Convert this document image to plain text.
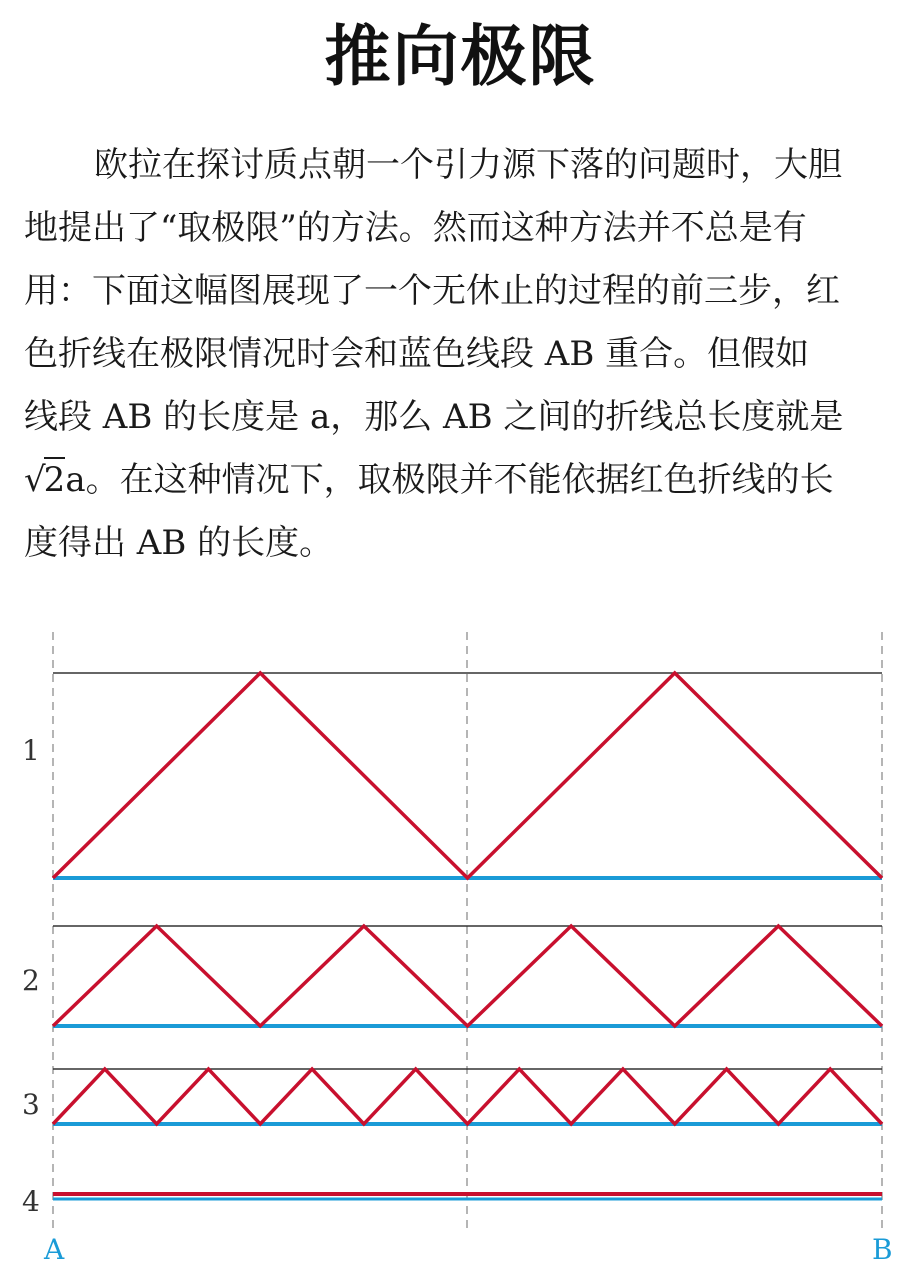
推向极限
欧拉在探讨质点朝一个引力源下落的问题时，大胆
地提出了“取极限”的方法。然而这种方法并不总是有
用：下面这幅图展现了一个无休止的过程的前三步，红
色折线在极限情况时会和蓝色线段 AB 重合。但假如
线段 AB 的长度是 a，那么 AB 之间的折线总长度就是
√2a。在这种情况下，取极限并不能依据红色折线的长
度得出 AB 的长度。
1
2
3
4
A	B
